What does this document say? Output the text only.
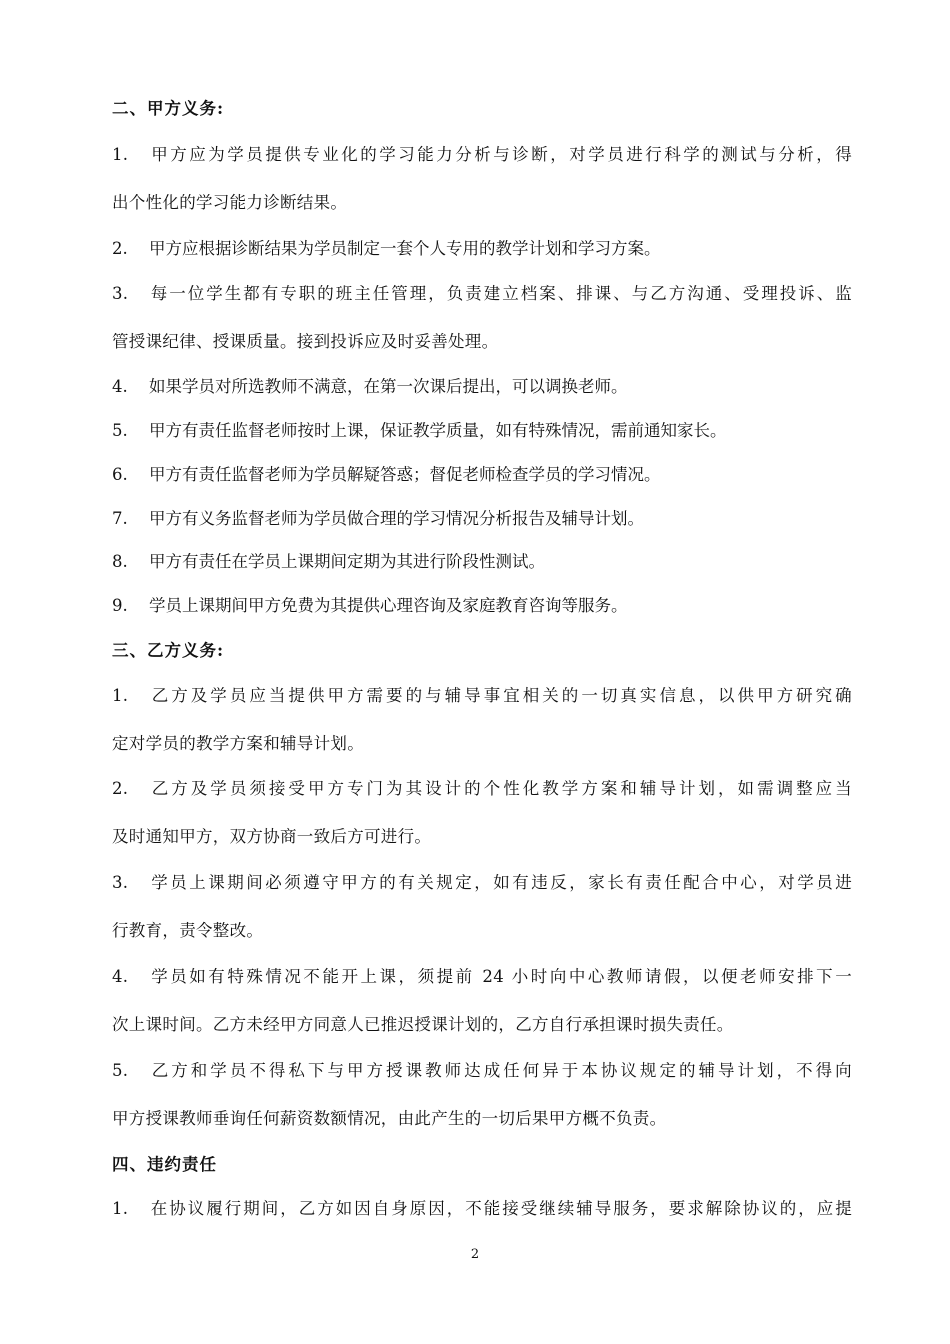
二、甲方义务:
1. 甲方应为学员提供专业化的学习能力分析与诊断，对学员进行科学的测试与分析，得
出个性化的学习能力诊断结果。
2. 甲方应根据诊断结果为学员制定一套个人专用的教学计划和学习方案。
3. 每一位学生都有专职的班主任管理，负责建立档案、排课、与乙方沟通、受理投诉、监
管授课纪律、授课质量。接到投诉应及时妥善处理。
4. 如果学员对所选教师不满意，在第一次课后提出，可以调换老师。
5. 甲方有责任监督老师按时上课，保证教学质量，如有特殊情况，需前通知家长。
6. 甲方有责任监督老师为学员解疑答惑；督促老师检查学员的学习情况。
7. 甲方有义务监督老师为学员做合理的学习情况分析报告及辅导计划。
8. 甲方有责任在学员上课期间定期为其进行阶段性测试。
9. 学员上课期间甲方免费为其提供心理咨询及家庭教育咨询等服务。
三、乙方义务:
1. 乙方及学员应当提供甲方需要的与辅导事宜相关的一切真实信息，以供甲方研究确
定对学员的教学方案和辅导计划。
2. 乙方及学员须接受甲方专门为其设计的个性化教学方案和辅导计划，如需调整应当
及时通知甲方，双方协商一致后方可进行。
3. 学员上课期间必须遵守甲方的有关规定，如有违反，家长有责任配合中心，对学员进
行教育，责令整改。
4. 学员如有特殊情况不能开上课，须提前 24 小时向中心教师请假，以便老师安排下一
次上课时间。乙方未经甲方同意人已推迟授课计划的，乙方自行承担课时损失责任。
5. 乙方和学员不得私下与甲方授课教师达成任何异于本协议规定的辅导计划，不得向
甲方授课教师垂询任何薪资数额情况，由此产生的一切后果甲方概不负责。
四、违约责任
1. 在协议履行期间，乙方如因自身原因，不能接受继续辅导服务，要求解除协议的，应提
2
